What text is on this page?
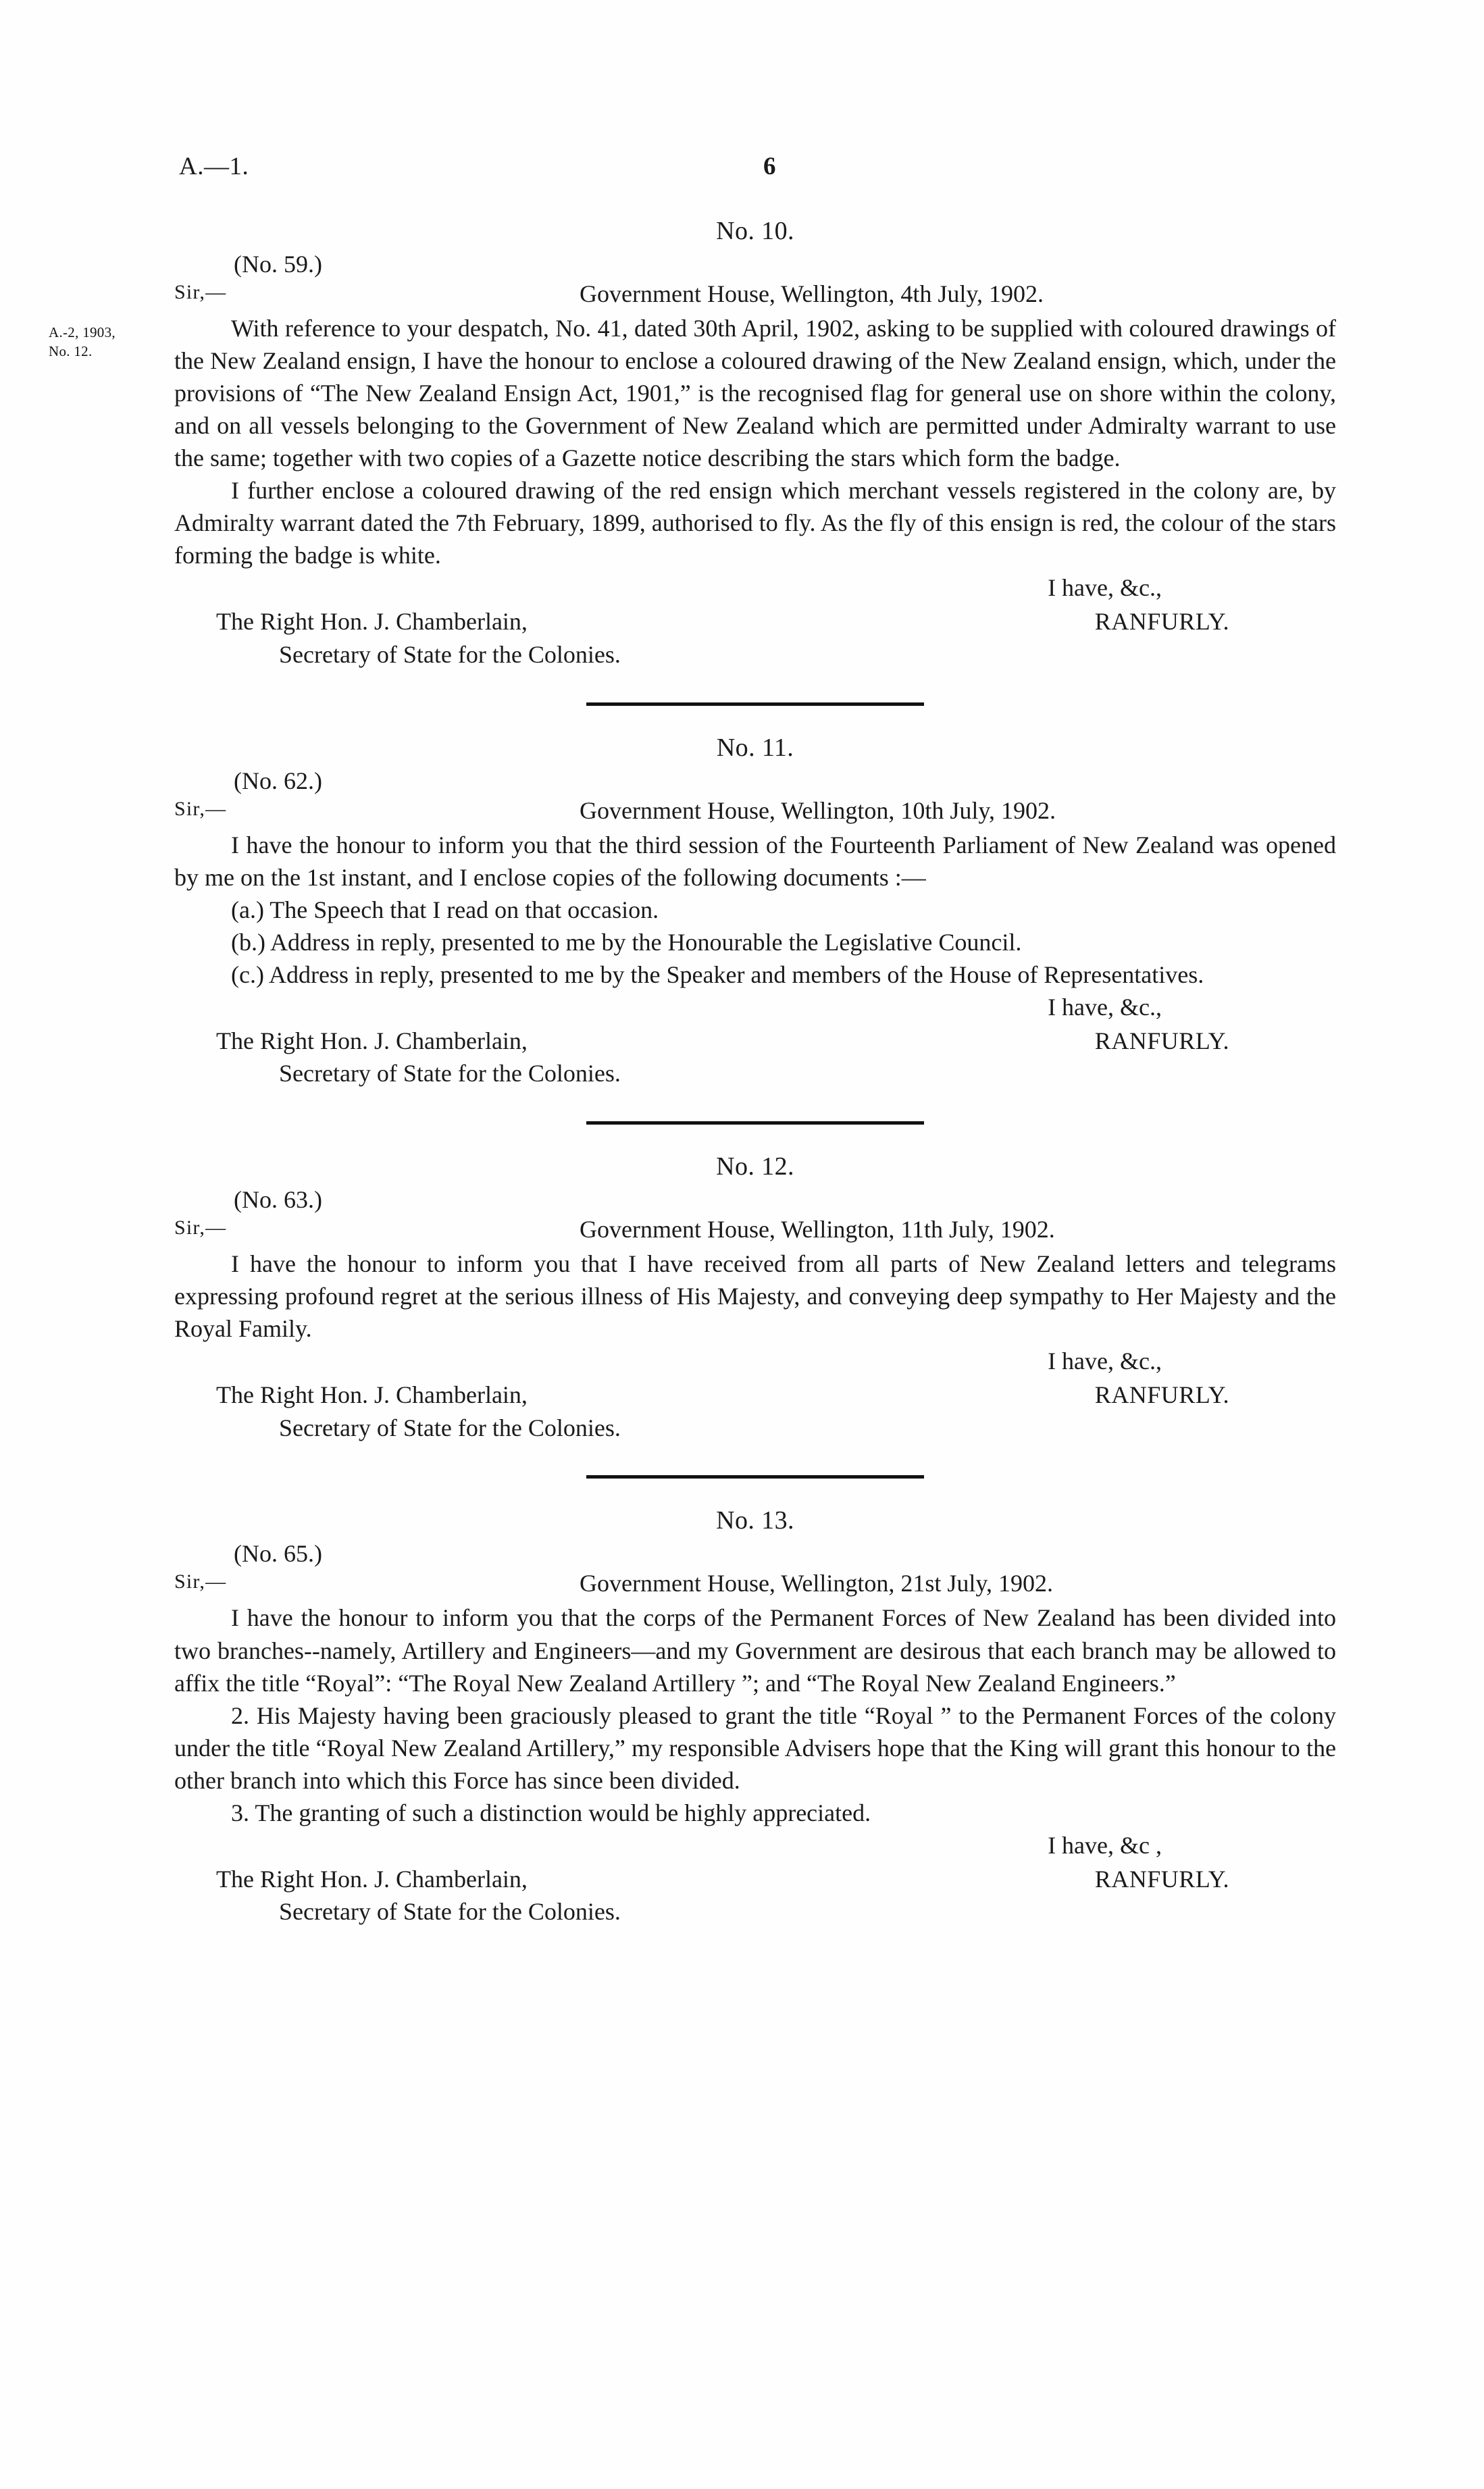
A.—1.	6
A.-2, 1903,
No. 12.
No. 10.
(No. 59.)
Sir,—	Government House, Wellington, 4th July, 1902.

With reference to your despatch, No. 41, dated 30th April, 1902, asking to be supplied with coloured drawings of the New Zealand ensign, I have the honour to enclose a coloured drawing of the New Zealand ensign, which, under the provisions of “The New Zealand Ensign Act, 1901,” is the recognised flag for general use on shore within the colony, and on all vessels belonging to the Government of New Zealand which are permitted under Admiralty warrant to use the same; together with two copies of a Gazette notice describing the stars which form the badge.

I further enclose a coloured drawing of the red ensign which merchant vessels registered in the colony are, by Admiralty warrant dated the 7th February, 1899, authorised to fly. As the fly of this ensign is red, the colour of the stars forming the badge is white.

I have, &c.,
The Right Hon. J. Chamberlain,	RANFURLY.
Secretary of State for the Colonies.
No. 11.
(No. 62.)
Sir,—	Government House, Wellington, 10th July, 1902.

I have the honour to inform you that the third session of the Fourteenth Parliament of New Zealand was opened by me on the 1st instant, and I enclose copies of the following documents :—

(a.) The Speech that I read on that occasion.

(b.) Address in reply, presented to me by the Honourable the Legislative Council.

(c.) Address in reply, presented to me by the Speaker and members of the House of Representatives.

I have, &c.,
The Right Hon. J. Chamberlain,	RANFURLY.
Secretary of State for the Colonies.
No. 12.
(No. 63.)
Sir,—	Government House, Wellington, 11th July, 1902.

I have the honour to inform you that I have received from all parts of New Zealand letters and telegrams expressing profound regret at the serious illness of His Majesty, and conveying deep sympathy to Her Majesty and the Royal Family.

I have, &c.,
The Right Hon. J. Chamberlain,	RANFURLY.
Secretary of State for the Colonies.
No. 13.
(No. 65.)
Sir,—	Government House, Wellington, 21st July, 1902.

I have the honour to inform you that the corps of the Permanent Forces of New Zealand has been divided into two branches--namely, Artillery and Engineers—and my Government are desirous that each branch may be allowed to affix the title “Royal”: “The Royal New Zealand Artillery ”; and “The Royal New Zealand Engineers.”

2. His Majesty having been graciously pleased to grant the title “Royal ” to the Permanent Forces of the colony under the title “Royal New Zealand Artillery,” my responsible Advisers hope that the King will grant this honour to the other branch into which this Force has since been divided.

3. The granting of such a distinction would be highly appreciated.

I have, &c ,
The Right Hon. J. Chamberlain,	RANFURLY.
Secretary of State for the Colonies.
